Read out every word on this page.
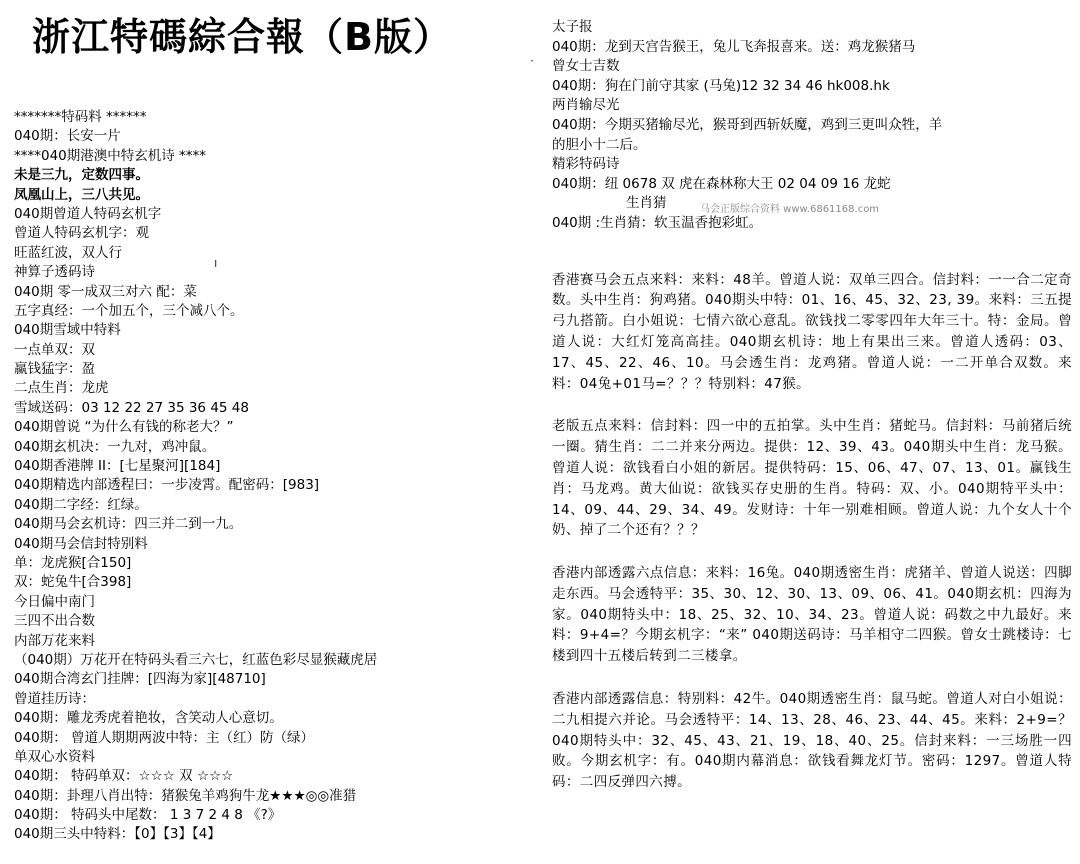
浙江特碼綜合報（B版）
*******特码料 ******
040期：长安一片
****040期港澳中特玄机诗 ****
未是三九，定数四事。
凤凰山上，三八共见。
040期曾道人特码玄机字
曾道人特码玄机字：观
旺蓝红波，双人行
神算子透码诗
040期 零一成双三对六 配：菜
五字真经：一个加五个，三个减八个。
040期雪域中特料
一点单双：双
赢钱猛字：盈
二点生肖：龙虎
雪域送码：03 12 22 27 35 36 45 48
040期曾说 “为什么有钱的称老大？”
040期玄机决：一九对，鸡冲鼠。
040期香港牌 II：[七星聚河][184]
040期精选内部透程曰：一步凌霄。配密码：[983]
040期二字经：红绿。
040期马会玄机诗：四三并二到一九。
040期马会信封特别料
单：龙虎猴[合150]
双：蛇兔牛[合398]
今日偏中南门
三四不出合数
内部万花来料
（040期）万花开在特码头看三六七，红蓝色彩尽显猴藏虎居
040期合湾玄门挂牌：[四海为家][48710]
曾道挂历诗：
040期：雕龙秀虎着艳妆，含笑动人心意切。
040期： 曾道人期期两波中特：主（红）防（绿）
单双心水资料
040期： 特码单双：☆☆☆ 双 ☆☆☆
040期：卦理八肖出特：猪猴兔羊鸡狗牛龙★★★◎◎准猎
040期： 特码头中尾数： 1 3 7 2 4 8 《?》
040期三头中特料：【0】【3】【4】
ı
·
太子报
040期：龙到天宫告猴王，兔儿飞奔报喜来。送：鸡龙猴猪马
曾女士吉数
040期：狗在门前守其家 (马兔)12 32 34 46 hk008.hk
两肖输尽光
040期：今期买猪输尽光，猴哥到西斩妖魔，鸡到三更叫众牲，羊
的胆小十二后。
精彩特码诗
040期：纽 0678 双 虎在森林称大王 02 04 09 16 龙蛇
生肖猜
040期 :生肖猜：软玉温香抱彩虹。
香港赛马会五点来料：来料：48羊。曾道人说：双单三四合。信封料：一一合二定奇数。头中生肖：狗鸡猪。040期头中特：01、16、45、32、23, 39。来料：三五提弓九搭箭。白小姐说：七情六欲心意乱。欲钱找二零零四年大年三十。特：金局。曾道人说：大红灯笼高高挂。040期玄机诗：地上有果出三来。曾道人透码：03、17、45、22、46、10。马会透生肖：龙鸡猪。曾道人说：一二开单合双数。来料：04兔+01马=？？？特别料：47猴。
老版五点来料：信封料：四一中的五拍掌。头中生肖：猪蛇马。信封料：马前猪后统一圈。猜生肖：二二并来分两边。提供：12、39、43。040期头中生肖：龙马猴。曾道人说：欲钱看白小姐的新居。提供特码：15、06、47、07、13、01。赢钱生肖：马龙鸡。黄大仙说：欲钱买存史册的生肖。特码：双、小。040期特平头中：14、09、44、29、34、49。发财诗：十年一别难相顾。曾道人说：九个女人十个奶、掉了二个还有？？？
香港内部透露六点信息：来料：16兔。040期透密生肖：虎猪羊、曾道人说送：四脚走东西。马会透特平：35、30、12、30、13、09、06、41。040期玄机：四海为家。040期特头中：18、25、32、10、34、23。曾道人说：码数之中九最好。来料：9+4=？今期玄机字：“来” 040期送码诗：马羊相守二四猴。曾女士跳楼诗：七楼到四十五楼后转到二三楼拿。
香港内部透露信息：特别料：42牛。040期透密生肖：鼠马蛇。曾道人对白小姐说：二九相提六并论。马会透特平：14、13、28、46、23、44、45。来料：2+9=？040期特头中：32、45、43、21、19、18、40、25。信封来料：一三场胜一四败。今期玄机字：有。040期内幕消息：欲钱看舞龙灯节。密码：1297。曾道人特码：二四反弹四六搏。
马会正版综合资料 www.6861168.com
